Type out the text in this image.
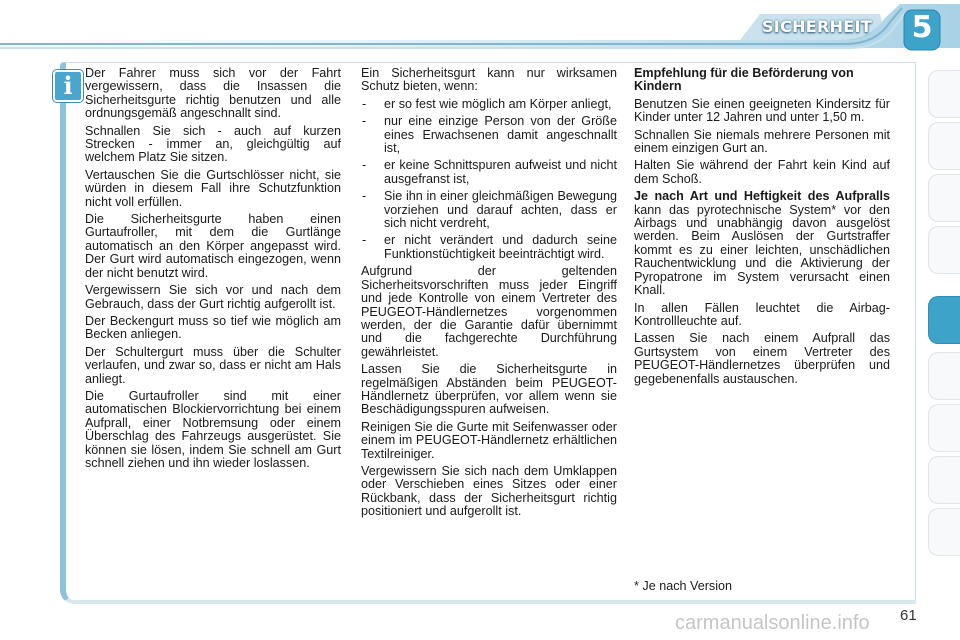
SICHERHEIT 5
i Der Fahrer muss sich vor der Fahrt vergewissern, dass die Insassen die Sicherheitsgurte richtig benutzen und alle ordnungsgemäß angeschnallt sind.

Schnallen Sie sich - auch auf kurzen Strecken - immer an, gleichgültig auf welchem Platz Sie sitzen.

Vertauschen Sie die Gurtschlösser nicht, sie würden in diesem Fall ihre Schutzfunktion nicht voll erfüllen.

Die Sicherheitsgurte haben einen Gurtaufroller, mit dem die Gurtlänge automatisch an den Körper angepasst wird. Der Gurt wird automatisch eingezogen, wenn der nicht benutzt wird.

Vergewissern Sie sich vor und nach dem Gebrauch, dass der Gurt richtig aufgerollt ist.

Der Beckengurt muss so tief wie möglich am Becken anliegen.

Der Schultergurt muss über die Schulter verlaufen, und zwar so, dass er nicht am Hals anliegt.

Die Gurtaufroller sind mit einer automatischen Blockiervorrichtung bei einem Aufprall, einer Notbremsung oder einem Überschlag des Fahrzeugs ausgerüstet. Sie können sie lösen, indem Sie schnell am Gurt schnell ziehen und ihn wieder loslassen.

Ein Sicherheitsgurt kann nur wirksamen Schutz bieten, wenn:

- er so fest wie möglich am Körper anliegt,
- nur eine einzige Person von der Größe eines Erwachsenen damit angeschnallt ist,
- er keine Schnittspuren aufweist und nicht ausgefranst ist,
- Sie ihn in einer gleichmäßigen Bewegung vorziehen und darauf achten, dass er sich nicht verdreht,
- er nicht verändert und dadurch seine Funktionstüchtigkeit beeinträchtigt wird.

Aufgrund der geltenden Sicherheitsvorschriften muss jeder Eingriff und jede Kontrolle von einem Vertreter des PEUGEOT-Händlernetzes vorgenommen werden, der die Garantie dafür übernimmt und die fachgerechte Durchführung gewährleistet.

Lassen Sie die Sicherheitsgurte in regelmäßigen Abständen beim PEUGEOT-Händlernetz überprüfen, vor allem wenn sie Beschädigungsspuren aufweisen.

Reinigen Sie die Gurte mit Seifenwasser oder einem im PEUGEOT-Händlernetz erhältlichen Textilreiniger.

Vergewissern Sie sich nach dem Umklappen oder Verschieben eines Sitzes oder einer Rückbank, dass der Sicherheitsgurt richtig positioniert und aufgerollt ist.

Empfehlung für die Beförderung von Kindern

Benutzen Sie einen geeigneten Kindersitz für Kinder unter 12 Jahren und unter 1,50 m.

Schnallen Sie niemals mehrere Personen mit einem einzigen Gurt an.

Halten Sie während der Fahrt kein Kind auf dem Schoß.

Je nach Art und Heftigkeit des Aufpralls kann das pyrotechnische System* vor den Airbags und unabhängig davon ausgelöst werden. Beim Auslösen der Gurtstraffer kommt es zu einer leichten, unschädlichen Rauchentwicklung und die Aktivierung der Pyropatrone im System verursacht einen Knall.

In allen Fällen leuchtet die Airbag-Kontrollleuchte auf.

Lassen Sie nach einem Aufprall das Gurtsystem von einem Vertreter des PEUGEOT-Händlernetzes überprüfen und gegebenenfalls austauschen.

* Je nach Version
61
carmanualsonline.info
